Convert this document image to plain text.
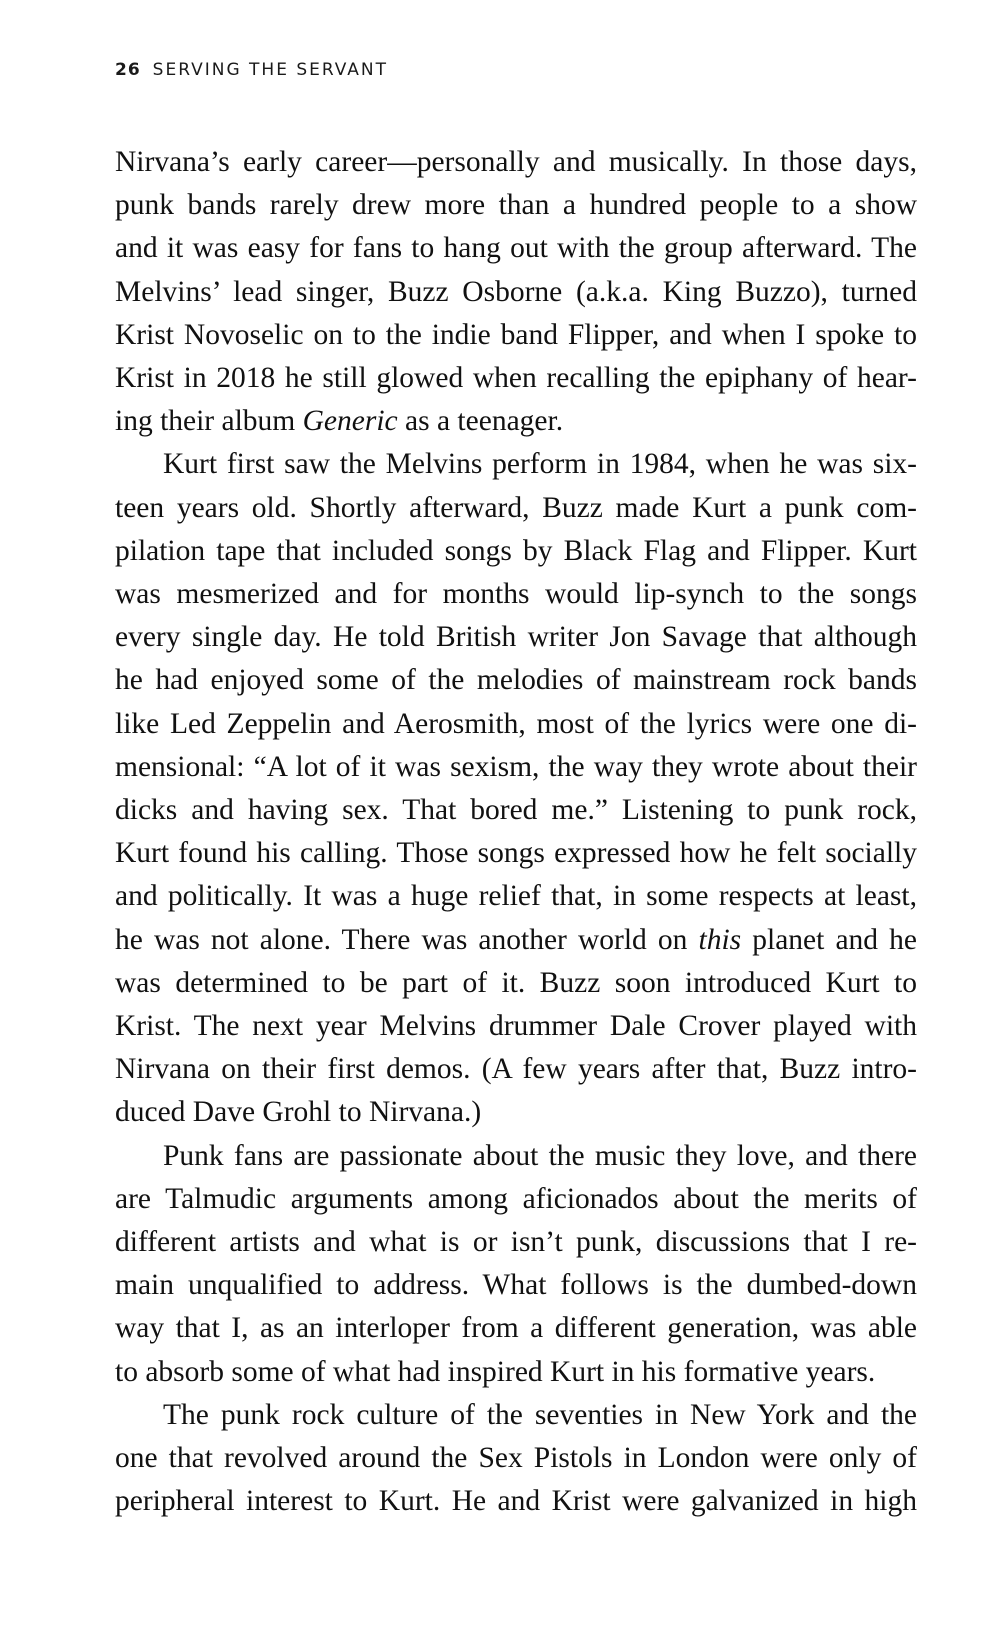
26 SERVING THE SERVANT

Nirvana’s early career—personally and musically. In those days,

punk bands rarely drew more than a hundred people to a show

and it was easy for fans to hang out with the group afterward. The

Melvins’ lead singer, Buzz Osborne (a.k.a. King Buzzo), turned

Krist Novoselic on to the indie band Flipper, and when I spoke to

Krist in 2018 he still glowed when recalling the epiphany of hear-

ing their album Generic as a teenager.

Kurt first saw the Melvins perform in 1984, when he was six-

teen years old. Shortly afterward, Buzz made Kurt a punk com-

pilation tape that included songs by Black Flag and Flipper. Kurt

was mesmerized and for months would lip-synch to the songs

every single day. He told British writer Jon Savage that although

he had enjoyed some of the melodies of mainstream rock bands

like Led Zeppelin and Aerosmith, most of the lyrics were one di-

mensional: “A lot of it was sexism, the way they wrote about their

dicks and having sex. That bored me.” Listening to punk rock,

Kurt found his calling. Those songs expressed how he felt socially

and politically. It was a huge relief that, in some respects at least,

he was not alone. There was another world on this planet and he

was determined to be part of it. Buzz soon introduced Kurt to

Krist. The next year Melvins drummer Dale Crover played with

Nirvana on their first demos. (A few years after that, Buzz intro-

duced Dave Grohl to Nirvana.)

Punk fans are passionate about the music they love, and there

are Talmudic arguments among aficionados about the merits of

different artists and what is or isn’t punk, discussions that I re-

main unqualified to address. What follows is the dumbed-down

way that I, as an interloper from a different generation, was able

to absorb some of what had inspired Kurt in his formative years.

The punk rock culture of the seventies in New York and the

one that revolved around the Sex Pistols in London were only of

peripheral interest to Kurt. He and Krist were galvanized in high
